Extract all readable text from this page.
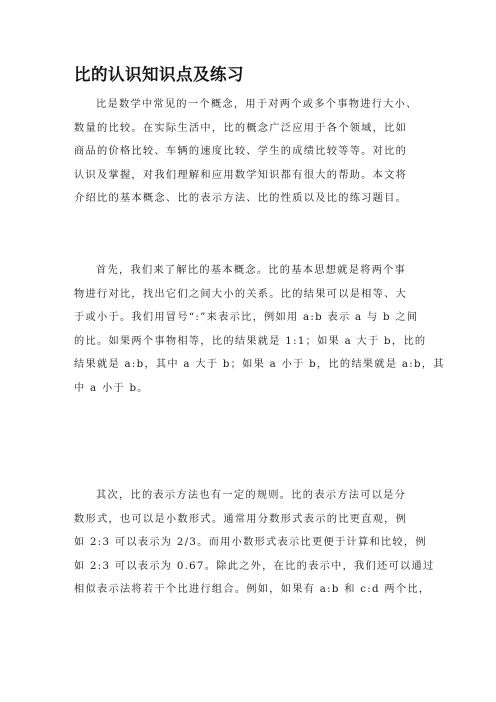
比的认识知识点及练习
比是数学中常见的一个概念，用于对两个或多个事物进行大小、
数量的比较。在实际生活中，比的概念广泛应用于各个领域，比如
商品的价格比较、车辆的速度比较、学生的成绩比较等等。对比的
认识及掌握，对我们理解和应用数学知识都有很大的帮助。本文将
介绍比的基本概念、比的表示方法、比的性质以及比的练习题目。
首先，我们来了解比的基本概念。比的基本思想就是将两个事
物进行对比，找出它们之间大小的关系。比的结果可以是相等、大
于或小于。我们用冒号“:”来表示比，例如用 a:b 表示 a 与 b 之间
的比。如果两个事物相等，比的结果就是 1:1；如果 a 大于 b，比的
结果就是 a:b，其中 a 大于 b；如果 a 小于 b，比的结果就是 a:b，其
中 a 小于 b。
其次，比的表示方法也有一定的规则。比的表示方法可以是分
数形式，也可以是小数形式。通常用分数形式表示的比更直观，例
如 2:3 可以表示为 2/3。而用小数形式表示比更便于计算和比较，例
如 2:3 可以表示为 0.67。除此之外，在比的表示中，我们还可以通过
相似表示法将若干个比进行组合。例如，如果有 a:b 和 c:d 两个比，
